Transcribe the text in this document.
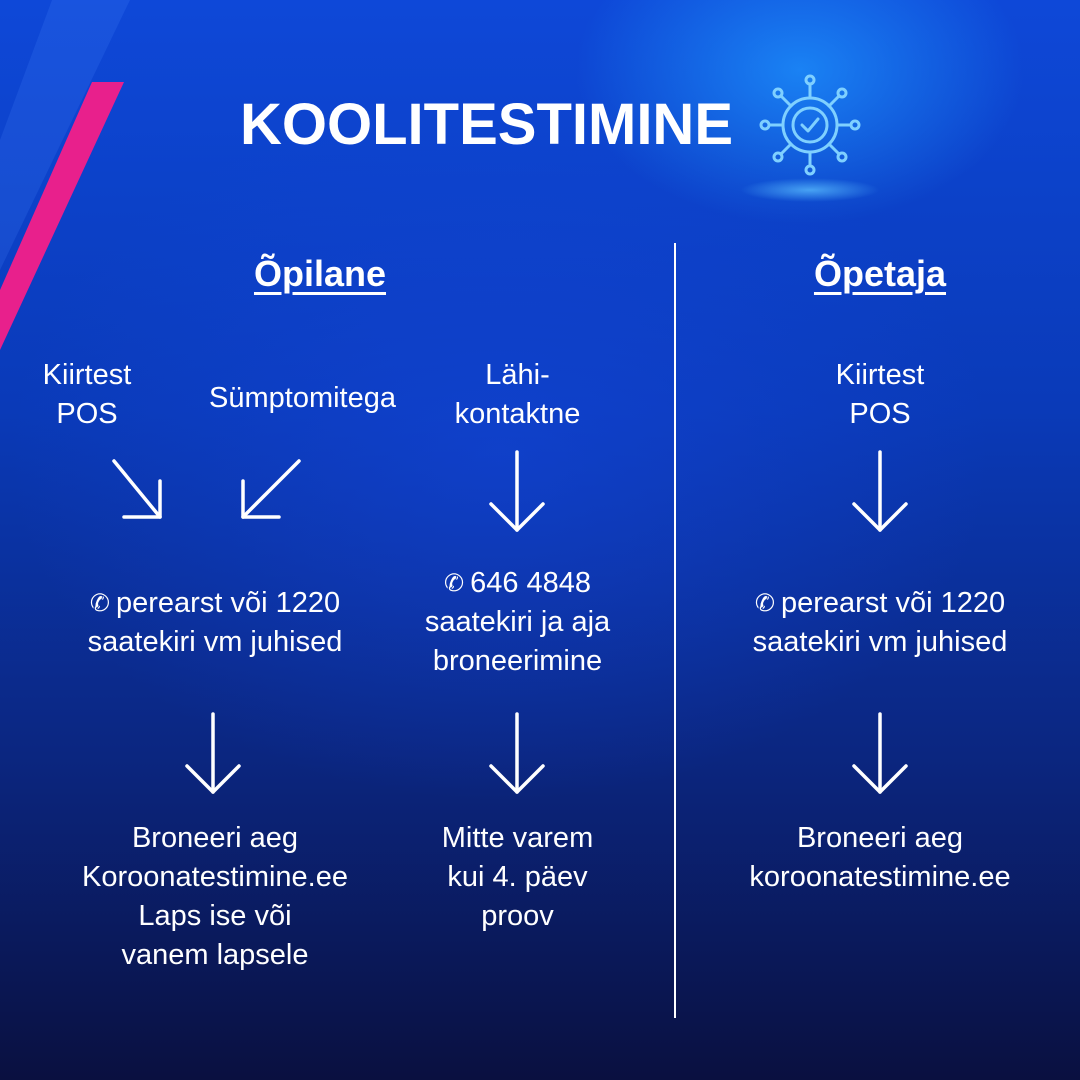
KOOLITESTIMINE
Õpilane	Õpetaja
Kiirtest
POS	Sümptomitega
Lähi-
kontaktne
✆ perearst või 1220
saatekiri vm juhised
✆ 646 4848
saatekiri ja aja
broneerimine
Broneeri aeg
Koroonatestimine.ee
Laps ise või
vanem lapsele
Mitte varem
kui 4. päev
proov
Kiirtest
POS
✆ perearst või 1220
saatekiri vm juhised
Broneeri aeg
koroonatestimine.ee
